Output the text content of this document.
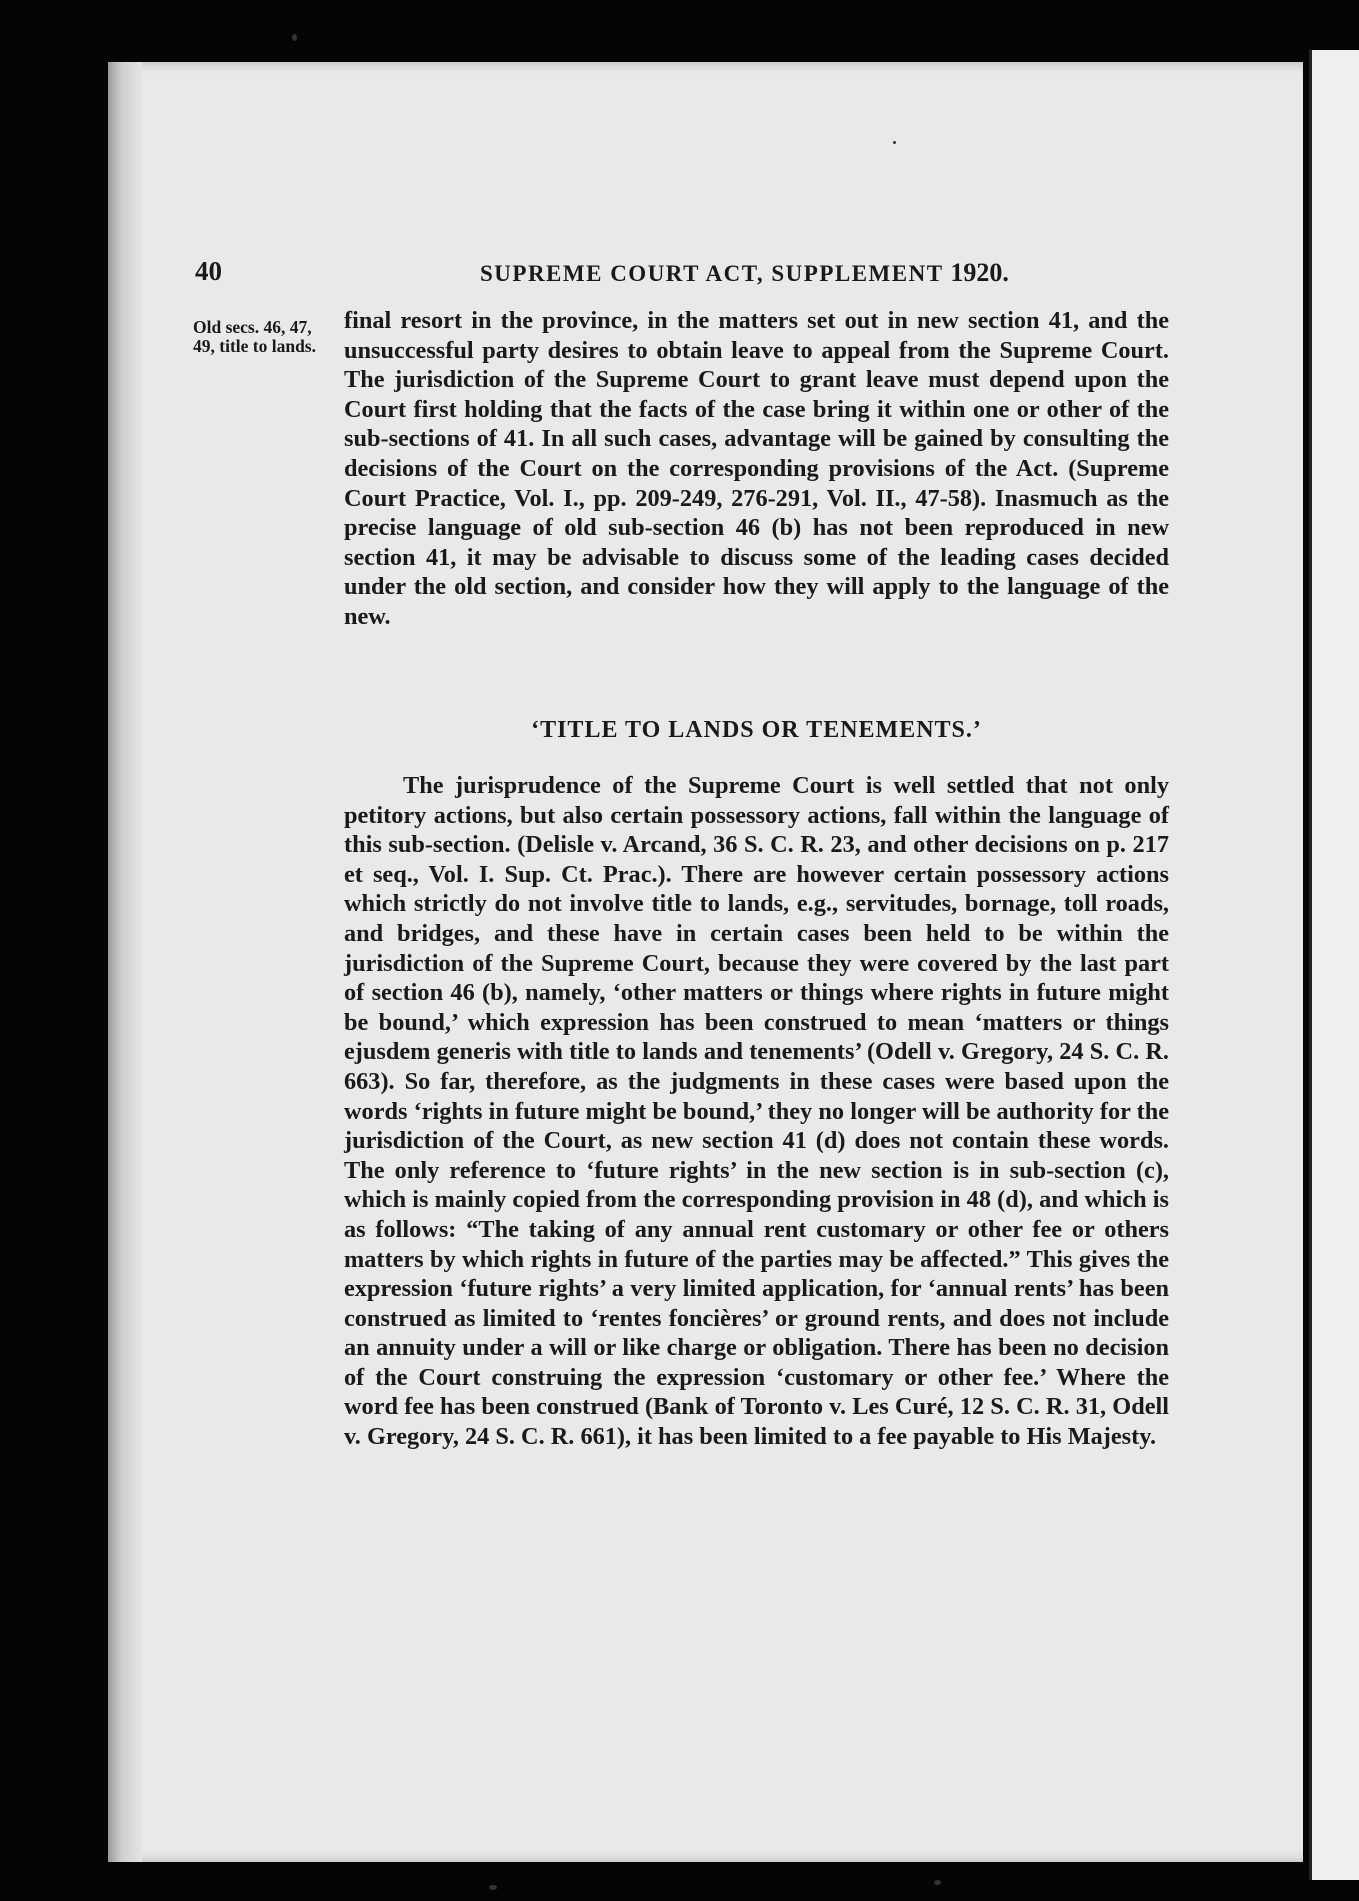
40	SUPREME COURT ACT, SUPPLEMENT 1920.
Old secs. 46, 47, 49, title to lands.

final resort in the province, in the matters set out in new section 41, and the unsuccessful party desires to obtain leave to appeal from the Supreme Court. The jurisdiction of the Supreme Court to grant leave must depend upon the Court first holding that the facts of the case bring it within one or other of the sub-sections of 41. In all such cases, advantage will be gained by consulting the decisions of the Court on the corresponding provisions of the Act. (Supreme Court Practice, Vol. I., pp. 209-249, 276-291, Vol. II., 47-58). Inasmuch as the precise language of old sub-section 46 (b) has not been reproduced in new section 41, it may be advisable to discuss some of the leading cases decided under the old section, and consider how they will apply to the language of the new.

‘TITLE TO LANDS OR TENEMENTS.’

The jurisprudence of the Supreme Court is well settled that not only petitory actions, but also certain possessory actions, fall within the language of this sub-section. (Delisle v. Arcand, 36 S. C. R. 23, and other decisions on p. 217 et seq., Vol. I. Sup. Ct. Prac.). There are however certain possessory actions which strictly do not involve title to lands, e.g., servitudes, bornage, toll roads, and bridges, and these have in certain cases been held to be within the jurisdiction of the Supreme Court, because they were covered by the last part of section 46 (b), namely, ‘other matters or things where rights in future might be bound,’ which expression has been construed to mean ‘matters or things ejusdem generis with title to lands and tenements’ (Odell v. Gregory, 24 S. C. R. 663). So far, therefore, as the judgments in these cases were based upon the words ‘rights in future might be bound,’ they no longer will be authority for the jurisdiction of the Court, as new section 41 (d) does not contain these words. The only reference to ‘future rights’ in the new section is in sub-section (c), which is mainly copied from the corresponding provision in 48 (d), and which is as follows: “The taking of any annual rent customary or other fee or others matters by which rights in future of the parties may be affected.” This gives the expression ‘future rights’ a very limited application, for ‘annual rents’ has been construed as limited to ‘rentes foncières’ or ground rents, and does not include an annuity under a will or like charge or obligation. There has been no decision of the Court construing the expression ‘customary or other fee.’ Where the word fee has been construed (Bank of Toronto v. Les Curé, 12 S. C. R. 31, Odell v. Gregory, 24 S. C. R. 661), it has been limited to a fee payable to His Majesty.
